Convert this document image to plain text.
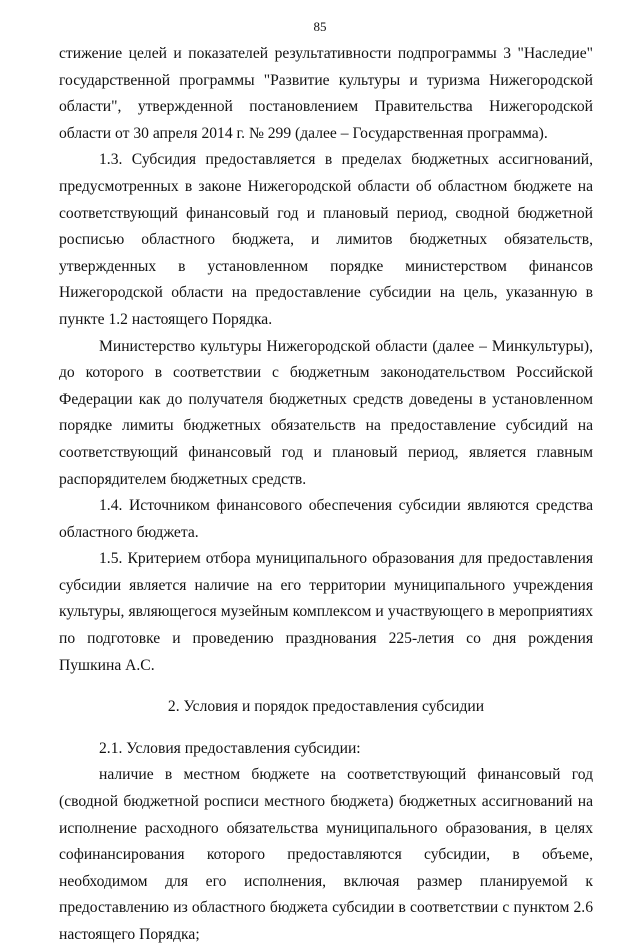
85

стижение целей и показателей результативности подпрограммы 3 "Наследие" государственной программы "Развитие культуры и туризма Нижегородской области", утвержденной постановлением Правительства Нижегородской области от 30 апреля 2014 г. № 299 (далее – Государственная программа).

1.3. Субсидия предоставляется в пределах бюджетных ассигнований, предусмотренных в законе Нижегородской области об областном бюджете на соответствующий финансовый год и плановый период, сводной бюджетной росписью областного бюджета, и лимитов бюджетных обязательств, утвержденных в установленном порядке министерством финансов Нижегородской области на предоставление субсидии на цель, указанную в пункте 1.2 настоящего Порядка.

Министерство культуры Нижегородской области (далее – Минкультуры), до которого в соответствии с бюджетным законодательством Российской Федерации как до получателя бюджетных средств доведены в установленном порядке лимиты бюджетных обязательств на предоставление субсидий на соответствующий финансовый год и плановый период, является главным распорядителем бюджетных средств.

1.4. Источником финансового обеспечения субсидии являются средства областного бюджета.

1.5. Критерием отбора муниципального образования для предоставления субсидии является наличие на его территории муниципального учреждения культуры, являющегося музейным комплексом и участвующего в мероприятиях по подготовке и проведению празднования 225-летия со дня рождения Пушкина А.С.

2. Условия и порядок предоставления субсидии

2.1. Условия предоставления субсидии:

наличие в местном бюджете на соответствующий финансовый год (сводной бюджетной росписи местного бюджета) бюджетных ассигнований на исполнение расходного обязательства муниципального образования, в целях софинансирования которого предоставляются субсидии, в объеме, необходимом для его исполнения, включая размер планируемой к предоставлению из областного бюджета субсидии в соответствии с пунктом 2.6 настоящего Порядка;
